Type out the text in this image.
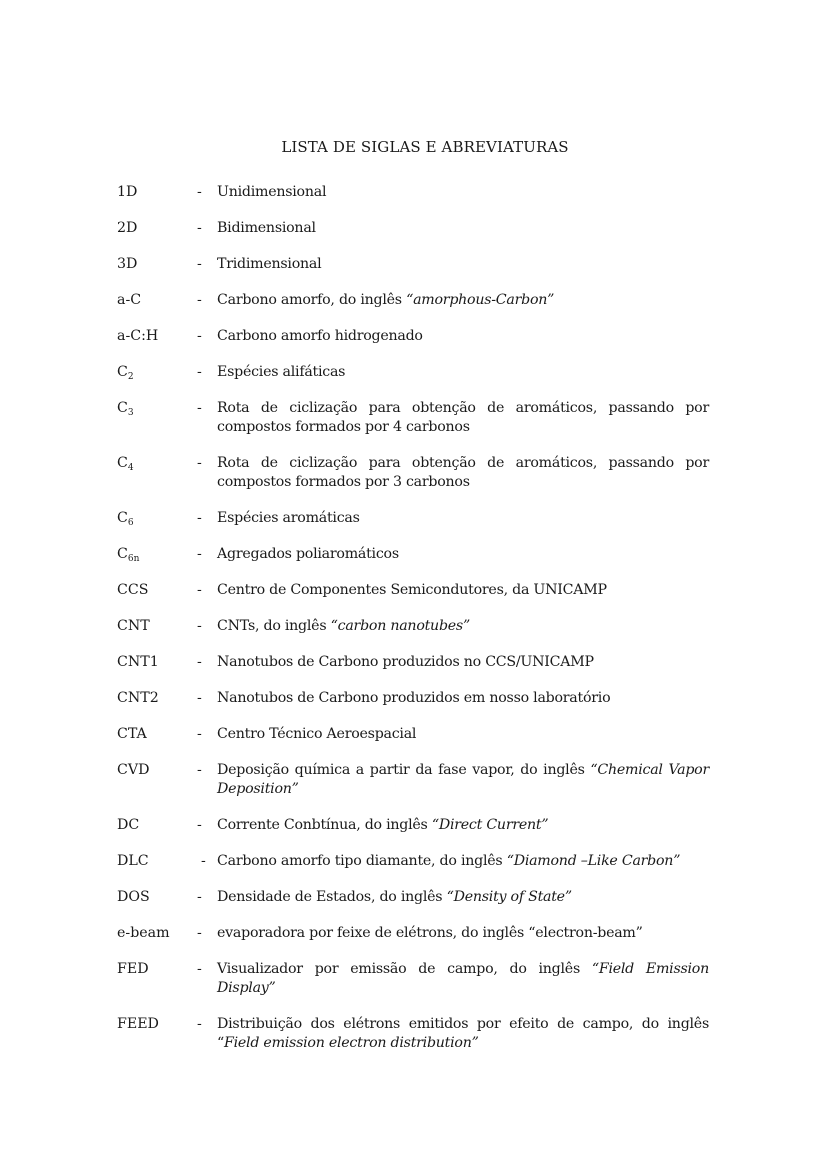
LISTA DE SIGLAS E ABREVIATURAS
1D	-	Unidimensional
2D	-	Bidimensional
3D	-	Tridimensional
a-C	-	Carbono amorfo, do inglês “amorphous-Carbon”
a-C:H	-	Carbono amorfo hidrogenado
$C_2$	-	Espécies alifáticas
$C_3$	-	Rota de ciclização para obtenção de aromáticos, passando por compostos formados por 4 carbonos
$C_4$	-	Rota de ciclização para obtenção de aromáticos, passando por compostos formados por 3 carbonos
$C_6$	-	Espécies aromáticas
$C_{6n}$	-	Agregados poliaromáticos
CCS	-	Centro de Componentes Semicondutores, da UNICAMP
CNT	-	CNTs, do inglês “carbon nanotubes”
CNT1	-	Nanotubos de Carbono produzidos no CCS/UNICAMP
CNT2	-	Nanotubos de Carbono produzidos em nosso laboratório
CTA	-	Centro Técnico Aeroespacial
CVD	-	Deposição química a partir da fase vapor, do inglês “Chemical Vapor Deposition”
DC	-	Corrente Conbtínua, do inglês “Direct Current”
DLC	- Carbono amorfo tipo diamante, do inglês “Diamond –Like Carbon”
DOS	-	Densidade de Estados, do inglês “Density of State”
e-beam	-	evaporadora por feixe de elétrons, do inglês “electron-beam”
FED	-	Visualizador por emissão de campo, do inglês “Field Emission Display”
FEED	-	Distribuição dos elétrons emitidos por efeito de campo, do inglês “Field emission electron distribution”
